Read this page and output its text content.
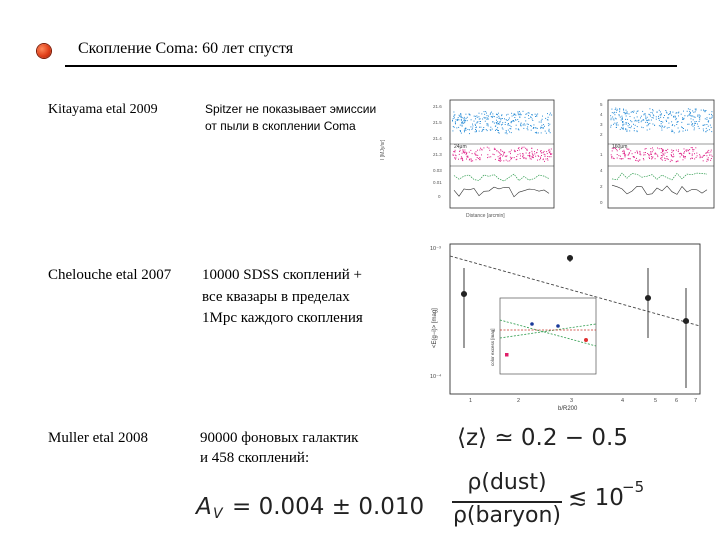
Скопление Coma: 60 лет спустя
Kitayama etal 2009	Spitzer не показывает эмиссии
от пыли в скоплении Coma
24μm
I [MJy/sr]
Distance [arcmin]
21.6
21.5
21.4
21.3
0.03
0.01
0
160μm
5
4
3
2
1
4
2
0
Chelouche etal 2007 10000 SDSS скоплений +
все квазары в пределах
1Mpc каждого скопления
color excess [mag]
<E(g−i)> [mag]
b/R200
1	2	3	4	5	6	7
10⁻³
10⁻⁴
Muller etal 2008	90000 фоновых галактик
и 458 скоплений:
⟨z⟩ ≃ 0.2 − 0.5
ρ(dust)
ρ(baryon)
≲ 10
−5
A V = 0.004 ± 0.010
